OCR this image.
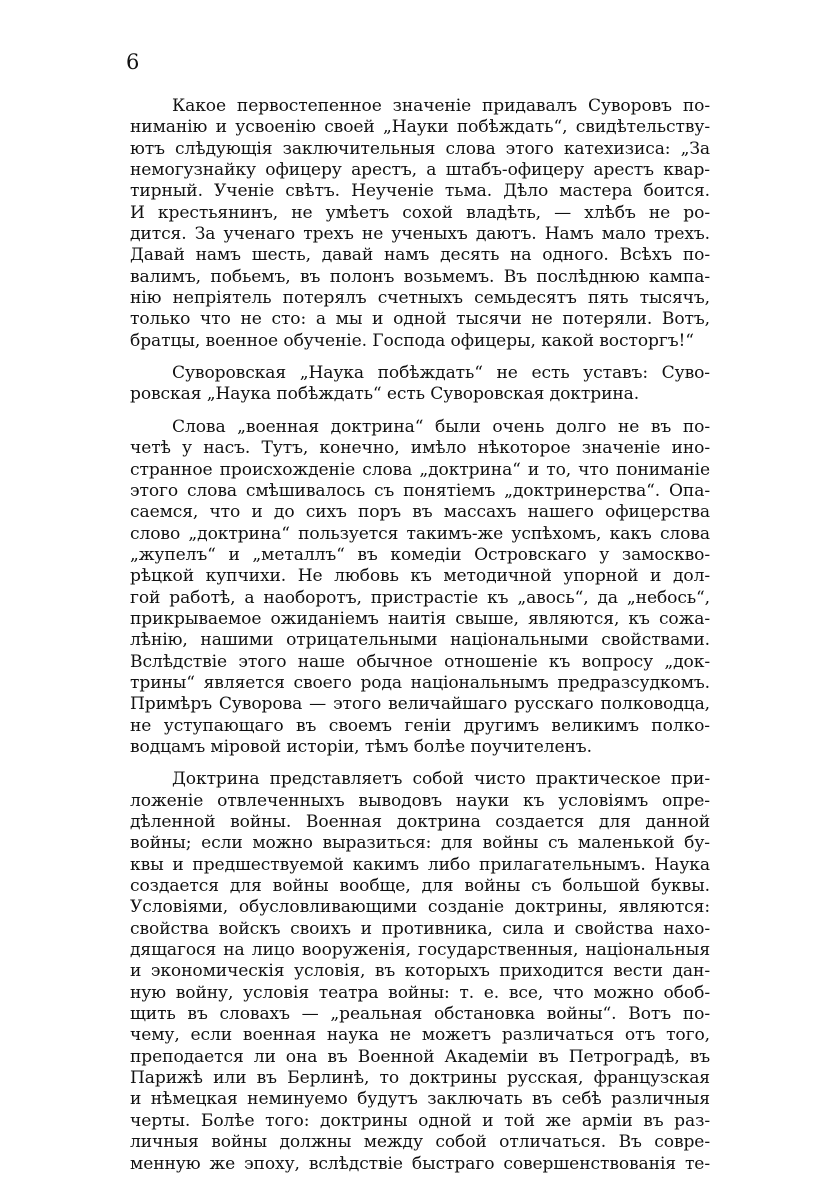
6
Какое первостепенное значеніе придавалъ Суворовъ по-
ниманію и усвоенію своей „Науки побѣждать“, свидѣтельству-
ютъ слѣдующія заключительныя слова этого катехизиса: „За
немогузнайку офицеру арестъ, а штабъ-офицеру арестъ квар-
тирный. Ученіе свѣтъ. Неученіе тьма. Дѣло мастера боится.
И крестьянинъ, не умѣетъ сохой владѣть, — хлѣбъ не ро-
дится. За ученаго трехъ не ученыхъ даютъ. Намъ мало трехъ.
Давай намъ шесть, давай намъ десять на одного. Всѣхъ по-
валимъ, побьемъ, въ полонъ возьмемъ. Въ послѣднюю кампа-
нію непріятель потерялъ счетныхъ семьдесятъ пять тысячъ,
только что не сто: а мы и одной тысячи не потеряли. Вотъ,
братцы, военное обученіе. Господа офицеры, какой восторгъ!“
Суворовская „Наука побѣждать“ не есть уставъ: Суво-
ровская „Наука побѣждать“ есть Суворовская доктрина.
Слова „военная доктрина“ были очень долго не въ по-
четѣ у насъ. Тутъ, конечно, имѣло нѣкоторое значеніе ино-
странное происхожденіе слова „доктрина“ и то, что пониманіе
этого слова смѣшивалось съ понятіемъ „доктринерства“. Опа-
саемся, что и до сихъ поръ въ массахъ нашего офицерства
слово „доктрина“ пользуется такимъ-же успѣхомъ, какъ слова
„жупелъ“ и „металлъ“ въ комедіи Островскаго у замоскво-
рѣцкой купчихи. Не любовь къ методичной упорной и дол-
гой работѣ, а наоборотъ, пристрастіе къ „авось“, да „небось“,
прикрываемое ожиданіемъ наитія свыше, являются, къ сожа-
лѣнію, нашими отрицательными національными свойствами.
Вслѣдствіе этого наше обычное отношеніе къ вопросу „док-
трины“ является своего рода національнымъ предразсудкомъ.
Примѣръ Суворова — этого величайшаго русскаго полководца,
не уступающаго въ своемъ геніи другимъ великимъ полко-
водцамъ міровой исторіи, тѣмъ болѣе поучителенъ.
Доктрина представляетъ собой чисто практическое при-
ложеніе отвлеченныхъ выводовъ науки къ условіямъ опре-
дѣленной войны. Военная доктрина создается для данной
войны; если можно выразиться: для войны съ маленькой бу-
квы и предшествуемой какимъ либо прилагательнымъ. Наука
создается для войны вообще, для войны съ большой буквы.
Условіями, обусловливающими созданіе доктрины, являются:
свойства войскъ своихъ и противника, сила и свойства нахо-
дящагося на лицо вооруженія, государственныя, національныя
и экономическія условія, въ которыхъ приходится вести дан-
ную войну, условія театра войны: т. е. все, что можно обоб-
щить въ словахъ — „реальная обстановка войны“. Вотъ по-
чему, если военная наука не можетъ различаться отъ того,
преподается ли она въ Военной Академіи въ Петроградѣ, въ
Парижѣ или въ Берлинѣ, то доктрины русская, французская
и нѣмецкая неминуемо будутъ заключать въ себѣ различныя
черты. Болѣе того: доктрины одной и той же арміи въ раз-
личныя войны должны между собой отличаться. Въ совре-
менную же эпоху, вслѣдствіе быстраго совершенствованія те-
